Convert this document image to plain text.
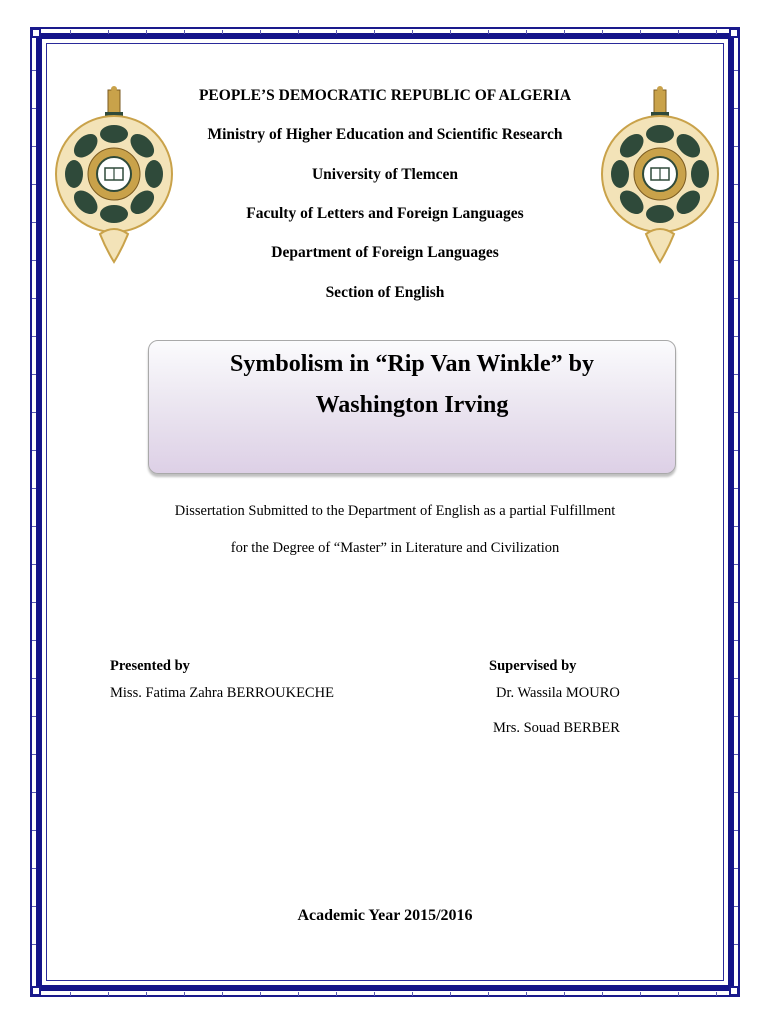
PEOPLE’S DEMOCRATIC REPUBLIC OF ALGERIA
Ministry of Higher Education and Scientific Research
University of Tlemcen
Faculty of Letters and Foreign Languages
Department of Foreign Languages
Section of English
Symbolism in “Rip Van Winkle” by
Washington Irving
Dissertation Submitted to the Department of English as a partial Fulfillment
for the Degree of “Master” in Literature and Civilization
Presented by
Miss. Fatima Zahra BERROUKECHE
Supervised by
Dr. Wassila MOURO
Mrs. Souad BERBER
Academic Year 2015/2016
